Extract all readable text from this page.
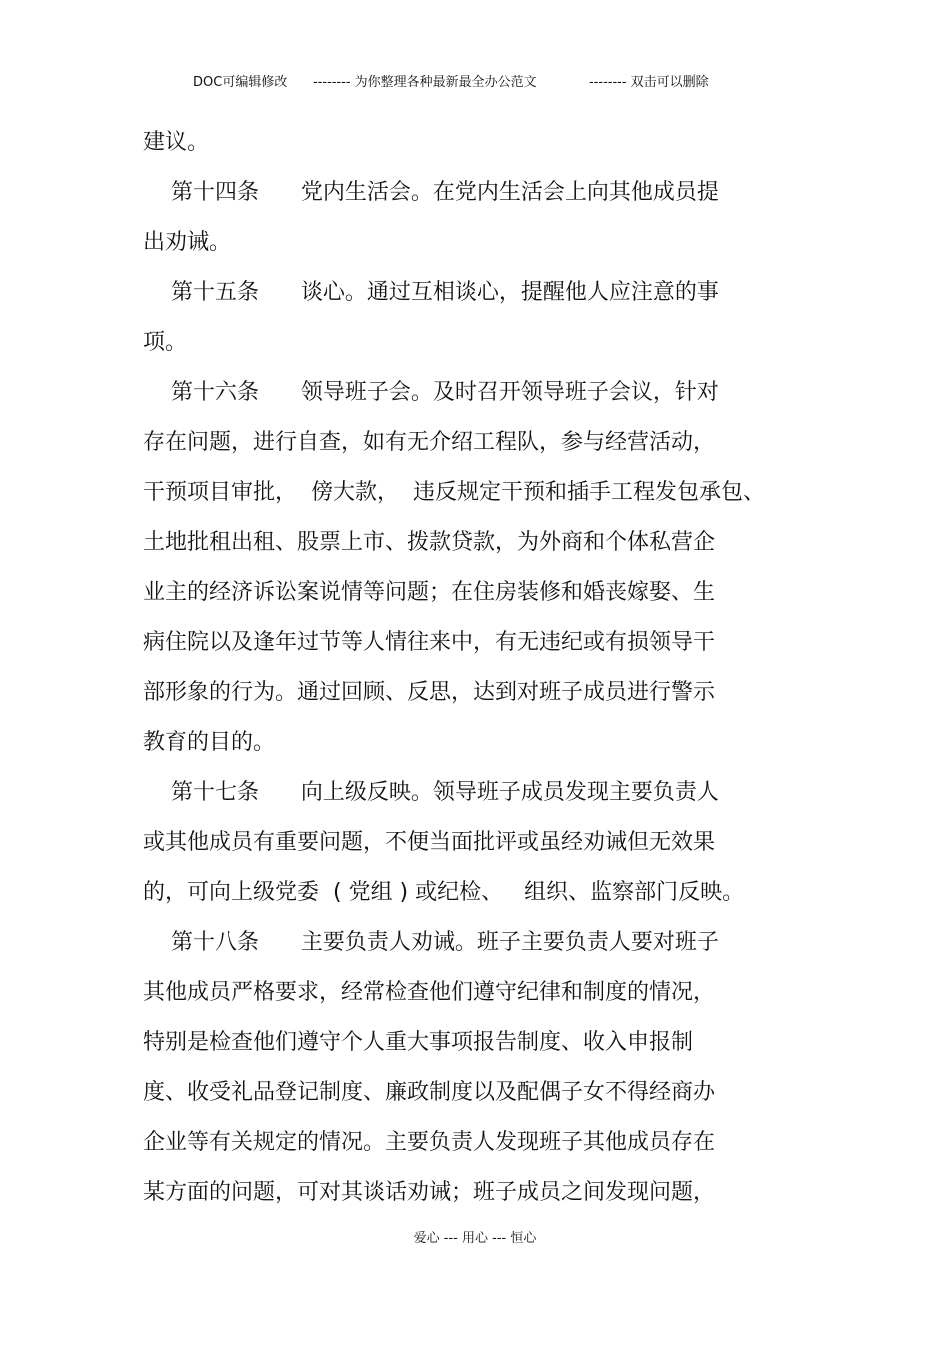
DOC可编辑修改 -------- 为你整理各种最新最全办公范文	-------- 双击可以删除
建议。
第十四条      党内生活会。在党内生活会上向其他成员提
出劝诫。
第十五条      谈心。通过互相谈心，提醒他人应注意的事
项。
第十六条      领导班子会。及时召开领导班子会议，针对
存在问题，进行自查，如有无介绍工程队，参与经营活动，
干预项目审批，  傍大款，  违反规定干预和插手工程发包承包、
土地批租出租、股票上市、拨款贷款，为外商和个体私营企
业主的经济诉讼案说情等问题；在住房装修和婚丧嫁娶、生
病住院以及逢年过节等人情往来中，有无违纪或有损领导干
部形象的行为。通过回顾、反思，达到对班子成员进行警示
教育的目的。
第十七条      向上级反映。领导班子成员发现主要负责人
或其他成员有重要问题，不便当面批评或虽经劝诫但无效果
的，可向上级党委  ( 党组 ) 或纪检、   组织、监察部门反映。
第十八条      主要负责人劝诫。班子主要负责人要对班子
其他成员严格要求，经常检查他们遵守纪律和制度的情况，
特别是检查他们遵守个人重大事项报告制度、收入申报制
度、收受礼品登记制度、廉政制度以及配偶子女不得经商办
企业等有关规定的情况。主要负责人发现班子其他成员存在
某方面的问题，可对其谈话劝诫；班子成员之间发现问题，
爱心 --- 用心 --- 恒心
